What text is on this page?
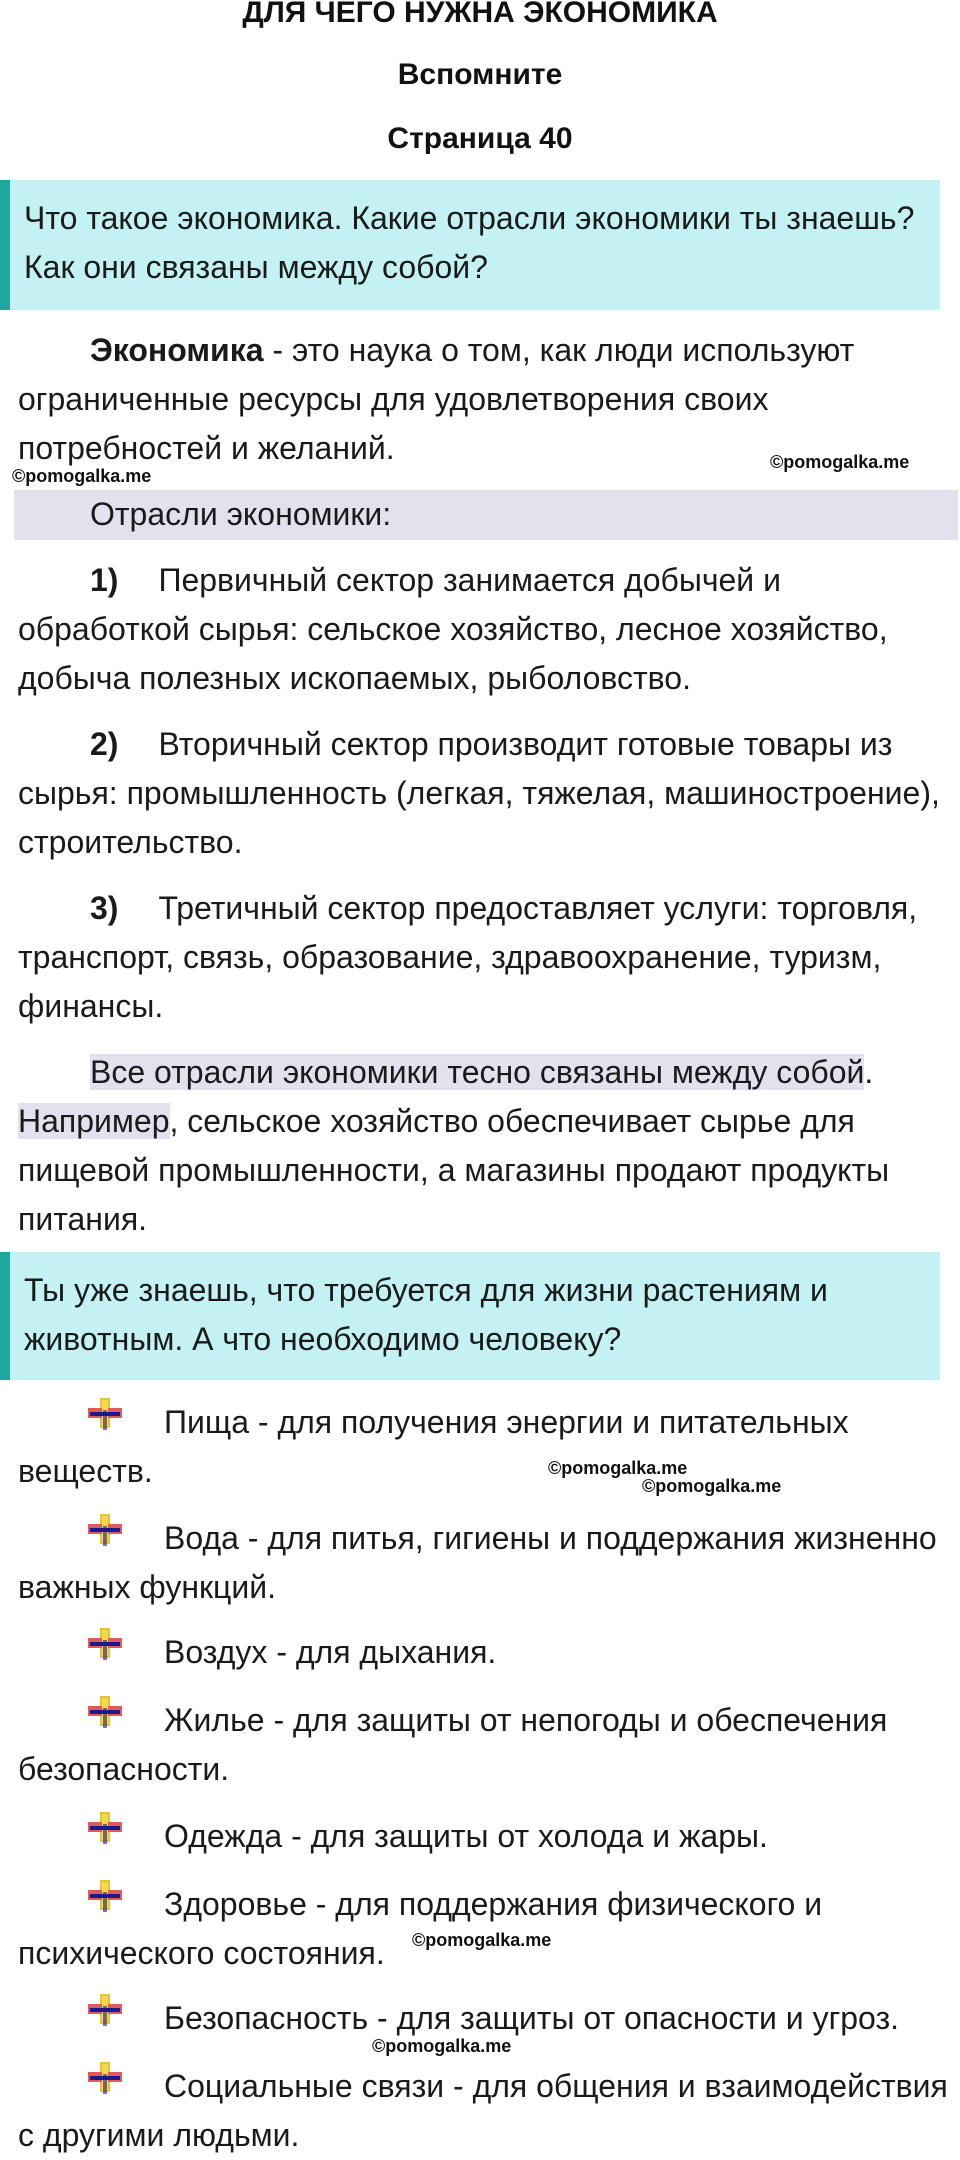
ДЛЯ ЧЕГО НУЖНА ЭКОНОМИКА
Вспомните
Страница 40
Что такое экономика. Какие отрасли экономики ты знаешь? Как они связаны между собой?
Экономика - это наука о том, как люди используют ограниченные ресурсы для удовлетворения своих потребностей и желаний.
©pomogalka.me
©pomogalka.me
Отрасли экономики:
1) Первичный сектор занимается добычей и обработкой сырья: сельское хозяйство, лесное хозяйство, добыча полезных ископаемых, рыболовство.
2) Вторичный сектор производит готовые товары из сырья: промышленность (легкая, тяжелая, машиностроение), строительство.
3) Третичный сектор предоставляет услуги: торговля, транспорт, связь, образование, здравоохранение, туризм, финансы.
Все отрасли экономики тесно связаны между собой. Например, сельское хозяйство обеспечивает сырье для пищевой промышленности, а магазины продают продукты питания.
Ты уже знаешь, что требуется для жизни растениям и животным. А что необходимо человеку?
Пища - для получения энергии и питательных веществ.
Вода - для питья, гигиены и поддержания жизненно важных функций.
Воздух - для дыхания.
Жилье - для защиты от непогоды и обеспечения безопасности.
Одежда - для защиты от холода и жары.
Здоровье - для поддержания физического и психического состояния.
Безопасность - для защиты от опасности и угроз.
Социальные связи - для общения и взаимодействия с другими людьми.
©pomogalka.me
©pomogalka.me
©pomogalka.me
©pomogalka.me
